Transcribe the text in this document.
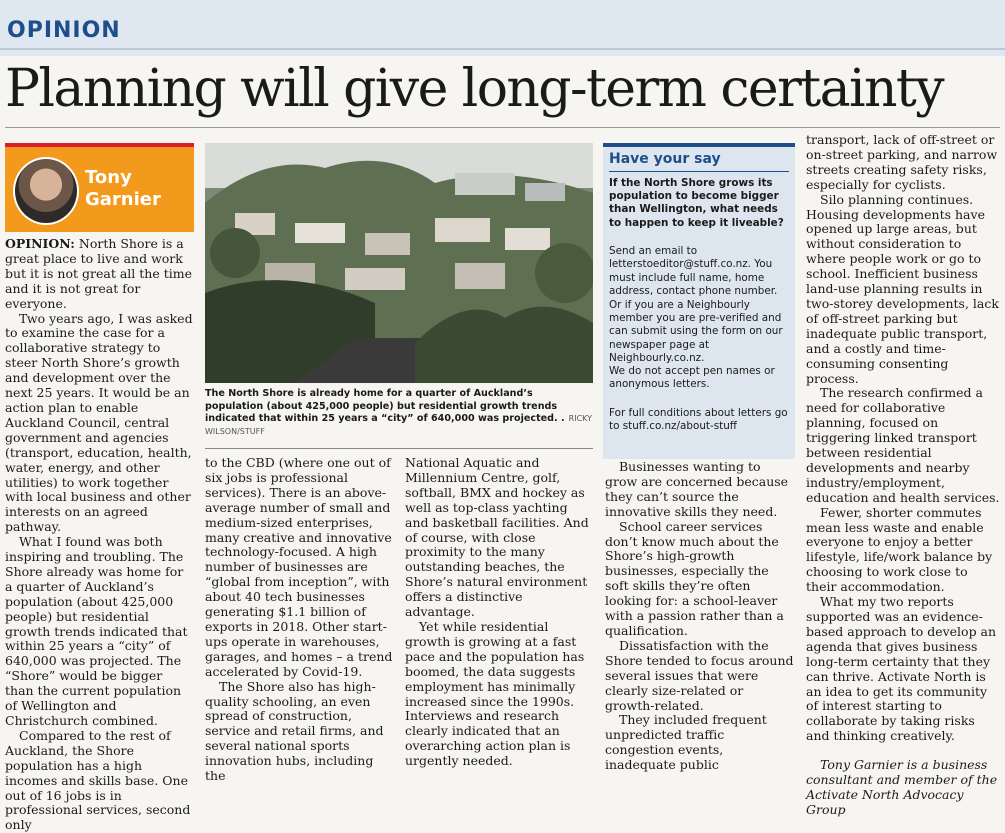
OPINION
Planning will give long-term certainty
Tony
Garnier

OPINION: North Shore is a great place to live and work but it is not great all the time and it is not great for everyone.

Two years ago, I was asked to examine the case for a collaborative strategy to steer North Shore’s growth and development over the next 25 years. It would be an action plan to enable Auckland Council, central government and agencies (transport, education, health, water, energy, and other utilities) to work together with local business and other interests on an agreed pathway.

What I found was both inspiring and troubling. The Shore already was home for a quarter of Auckland’s population (about 425,000 people) but residential growth trends indicated that within 25 years a “city” of 640,000 was projected. The “Shore” would be bigger than the current population of Wellington and Christchurch combined.

Compared to the rest of Auckland, the Shore population has a high incomes and skills base. One out of 16 jobs is in professional services, second only

The North Shore is already home for a quarter of Auckland’s population (about 425,000 people) but residential growth trends indicated that within 25 years a “city” of 640,000 was projected. . RICKY WILSON/STUFF

to the CBD (where one out of six jobs is professional services). There is an above-average number of small and medium-sized enterprises, many creative and innovative technology-focused. A high number of businesses are “global from inception”, with about 40 tech businesses generating $1.1 billion of exports in 2018. Other start-ups operate in warehouses, garages, and homes – a trend accelerated by Covid-19.

The Shore also has high-quality schooling, an even spread of construction, service and retail firms, and several national sports innovation hubs, including the

National Aquatic and Millennium Centre, golf, softball, BMX and hockey as well as top-class yachting and basketball facilities. And of course, with close proximity to the many outstanding beaches, the Shore’s natural environment offers a distinctive advantage.

Yet while residential growth is growing at a fast pace and the population has boomed, the data suggests employment has minimally increased since the 1990s. Interviews and research clearly indicated that an overarching action plan is urgently needed.

Have your say
If the North Shore grows its population to become bigger than Wellington, what needs to happen to keep it liveable?
Send an email to letterstoeditor@stuff.co.nz. You must include full name, home address, contact phone number. Or if you are a Neighbourly member you are pre-verified and can submit using the form on our newspaper page at Neighbourly.co.nz.
We do not accept pen names or anonymous letters.
For full conditions about letters go to stuff.co.nz/about-stuff

Businesses wanting to grow are concerned because they can’t source the innovative skills they need.

School career services don’t know much about the Shore’s high-growth businesses, especially the soft skills they’re often looking for: a school-leaver with a passion rather than a qualification.

Dissatisfaction with the Shore tended to focus around several issues that were clearly size-related or growth-related.

They included frequent unpredicted traffic congestion events, inadequate public

transport, lack of off-street or on-street parking, and narrow streets creating safety risks, especially for cyclists.

Silo planning continues. Housing developments have opened up large areas, but without consideration to where people work or go to school. Inefficient business land-use planning results in two-storey developments, lack of off-street parking but inadequate public transport, and a costly and time-consuming consenting process.

The research confirmed a need for collaborative planning, focused on triggering linked transport between residential developments and nearby industry/employment, education and health services.

Fewer, shorter commutes mean less waste and enable everyone to enjoy a better lifestyle, life/work balance by choosing to work close to their accommodation.

What my two reports supported was an evidence-based approach to develop an agenda that gives business long-term certainty that they can thrive. Activate North is an idea to get its community of interest starting to collaborate by taking risks and thinking creatively.

Tony Garnier is a business consultant and member of the Activate North Advocacy Group
